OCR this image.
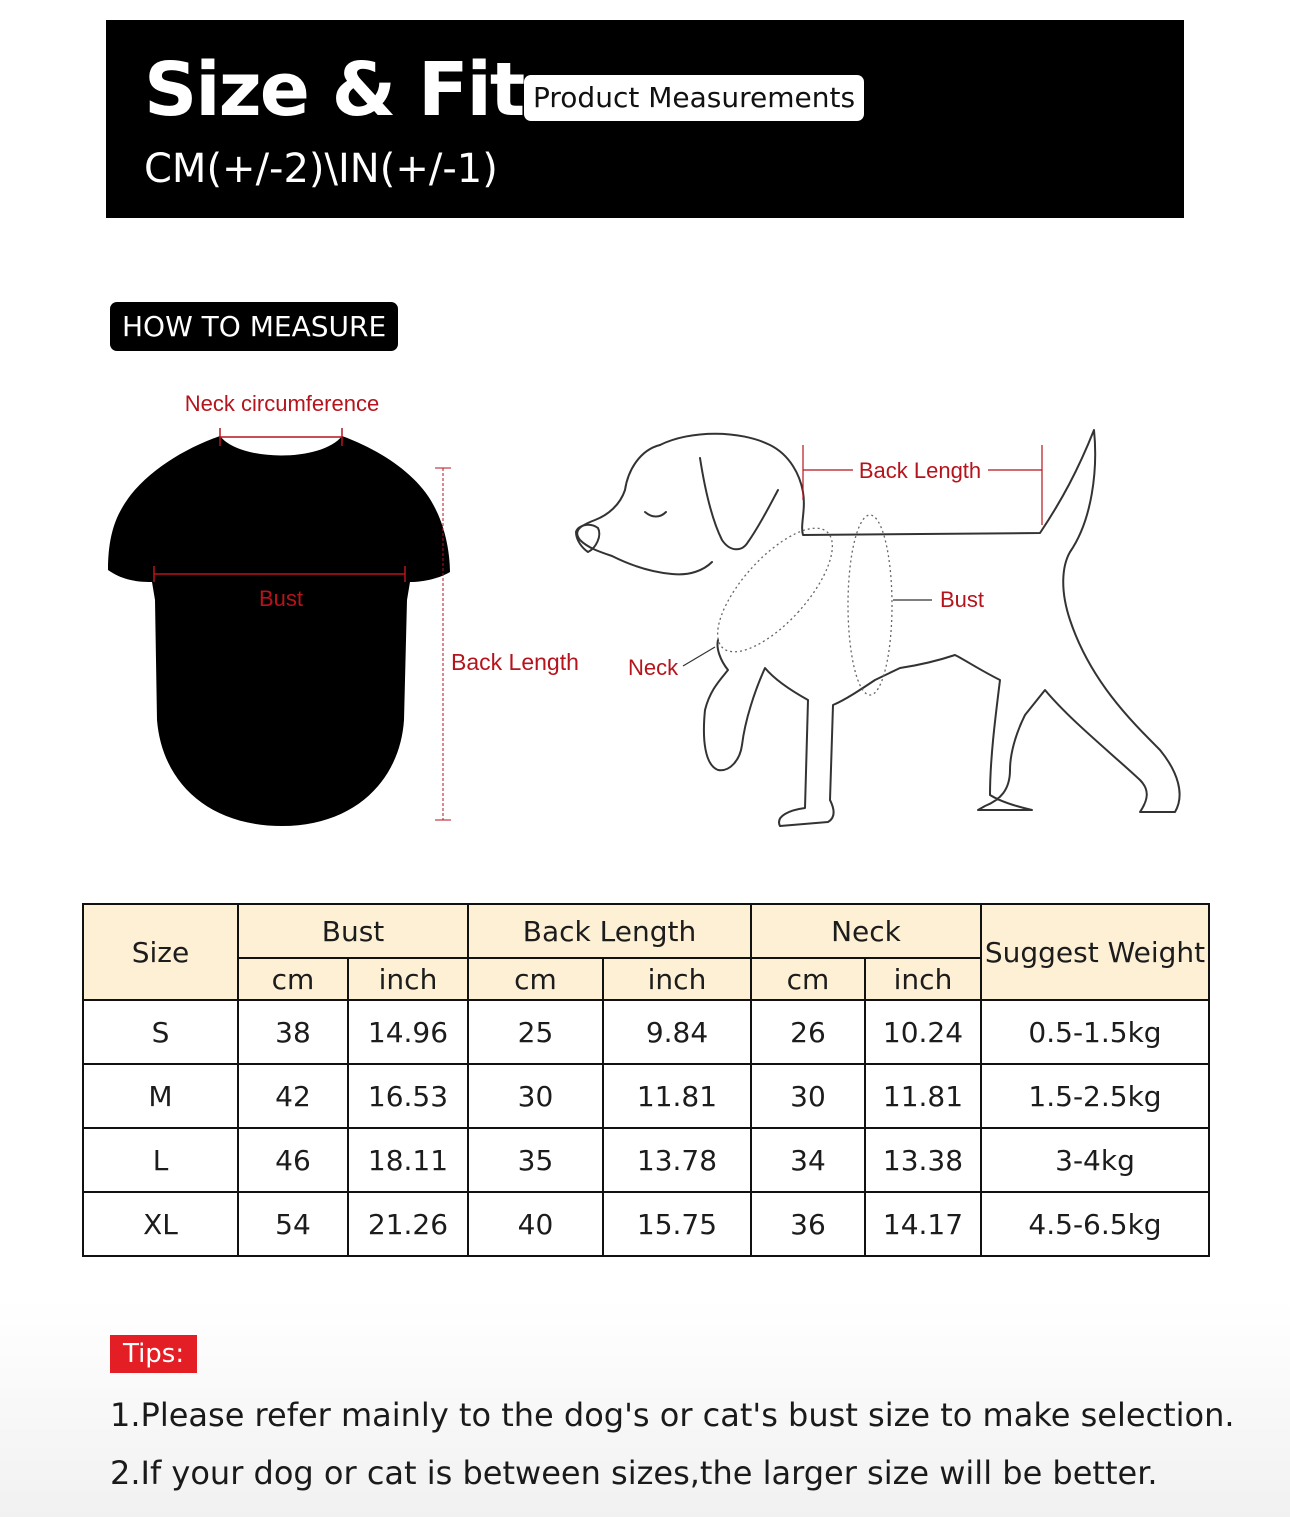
Size & Fit Product Measurements
CM(+/-2)\IN(+/-1)
HOW TO MEASURE
Neck circumference
Bust
Back Length
Back Length
Bust
Neck
Size	Bust		Back Length		Neck		Suggest Weight
	cm	inch	cm	inch	cm	inch	
S	38	14.96	25	9.84	26	10.24	0.5-1.5kg
M	42	16.53	30	11.81	30	11.81	1.5-2.5kg
L	46	18.11	35	13.78	34	13.38	3-4kg
XL	54	21.26	40	15.75	36	14.17	4.5-6.5kg
Tips:
1.Please refer mainly to the dog's or cat's bust size to make selection.
2.If your dog or cat is between sizes,the larger size will be better.
